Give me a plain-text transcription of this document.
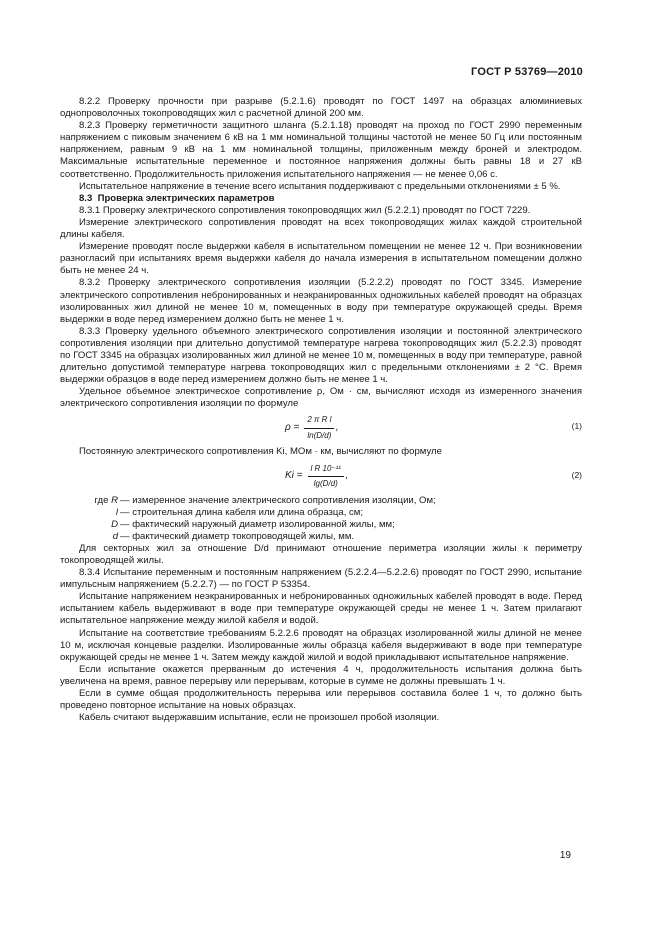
ГОСТ Р 53769—2010

8.2.2 Проверку прочности при разрыве (5.2.1.6) проводят по ГОСТ 1497 на образцах алюминиевых однопроволочных токопроводящих жил с расчетной длиной 200 мм.

8.2.3 Проверку герметичности защитного шланга (5.2.1.18) проводят на проход по ГОСТ 2990 переменным напряжением с пиковым значением 6 кВ на 1 мм номинальной толщины частотой не менее 50 Гц или постоянным напряжением, равным 9 кВ на 1 мм номинальной толщины, приложенным между броней и электродом. Максимальные испытательные переменное и постоянное напряжения должны быть равны 18 и 27 кВ соответственно. Продолжительность приложения испытательного напряжения — не менее 0,06 с.

Испытательное напряжение в течение всего испытания поддерживают с предельными отклонениями ± 5 %.

8.3 Проверка электрических параметров

8.3.1 Проверку электрического сопротивления токопроводящих жил (5.2.2.1) проводят по ГОСТ 7229.

Измерение электрического сопротивления проводят на всех токопроводящих жилах каждой строительной длины кабеля.

Измерение проводят после выдержки кабеля в испытательном помещении не менее 12 ч. При возникновении разногласий при испытаниях время выдержки кабеля до начала измерения в испытательном помещении должно быть не менее 24 ч.

8.3.2 Проверку электрического сопротивления изоляции (5.2.2.2) проводят по ГОСТ 3345. Измерение электрического сопротивления небронированных и неэкранированных одножильных кабелей проводят на образцах изолированных жил длиной не менее 10 м, помещенных в воду при температуре окружающей среды. Время выдержки в воде перед измерением должно быть не менее 1 ч.

8.3.3 Проверку удельного объемного электрического сопротивления изоляции и постоянной электрического сопротивления изоляции при длительно допустимой температуре нагрева токопроводящих жил (5.2.2.3) проводят по ГОСТ 3345 на образцах изолированных жил длиной не менее 10 м, помещенных в воду при температуре, равной длительно допустимой температуре нагрева токопроводящих жил с предельными отклонениями ± 2 °С. Время выдержки образцов в воде перед измерением должно быть не менее 1 ч.

Удельное объемное электрическое сопротивление ρ, Ом · см, вычисляют исходя из измеренного значения электрического сопротивления изоляции по формуле

$\rho = \frac{\text{2 π R l}}{\ln(D/d)}$ ,	(1)

Постоянную электрического сопротивления Ki, МОм · км, вычисляют по формуле

$Ki = \frac{\text{l R 10⁻¹¹}}{\lg(D/d)}$ ,	(2)
где R — измеренное значение электрического сопротивления изоляции, Ом;
l — строительная длина кабеля или длина образца, см;
D — фактический наружный диаметр изолированной жилы, мм;
d — фактический диаметр токопроводящей жилы, мм.

Для секторных жил за отношение D/d принимают отношение периметра изоляции жилы к периметру токопроводящей жилы.

8.3.4 Испытание переменным и постоянным напряжением (5.2.2.4—5.2.2.6) проводят по ГОСТ 2990, испытание импульсным напряжением (5.2.2.7) — по ГОСТ Р 53354.

Испытание напряжением неэкранированных и небронированных одножильных кабелей проводят в воде. Перед испытанием кабель выдерживают в воде при температуре окружающей среды не менее 1 ч. Затем прилагают испытательное напряжение между жилой кабеля и водой.

Испытание на соответствие требованиям 5.2.2.6 проводят на образцах изолированной жилы длиной не менее 10 м, исключая концевые разделки. Изолированные жилы образца кабеля выдерживают в воде при температуре окружающей среды не менее 1 ч. Затем между каждой жилой и водой прикладывают испытательное напряжение.

Если испытание окажется прерванным до истечения 4 ч, продолжительность испытания должна быть увеличена на время, равное перерыву или перерывам, которые в сумме не должны превышать 1 ч.

Если в сумме общая продолжительность перерыва или перерывов составила более 1 ч, то должно быть проведено повторное испытание на новых образцах.

Кабель считают выдержавшим испытание, если не произошел пробой изоляции.

19
